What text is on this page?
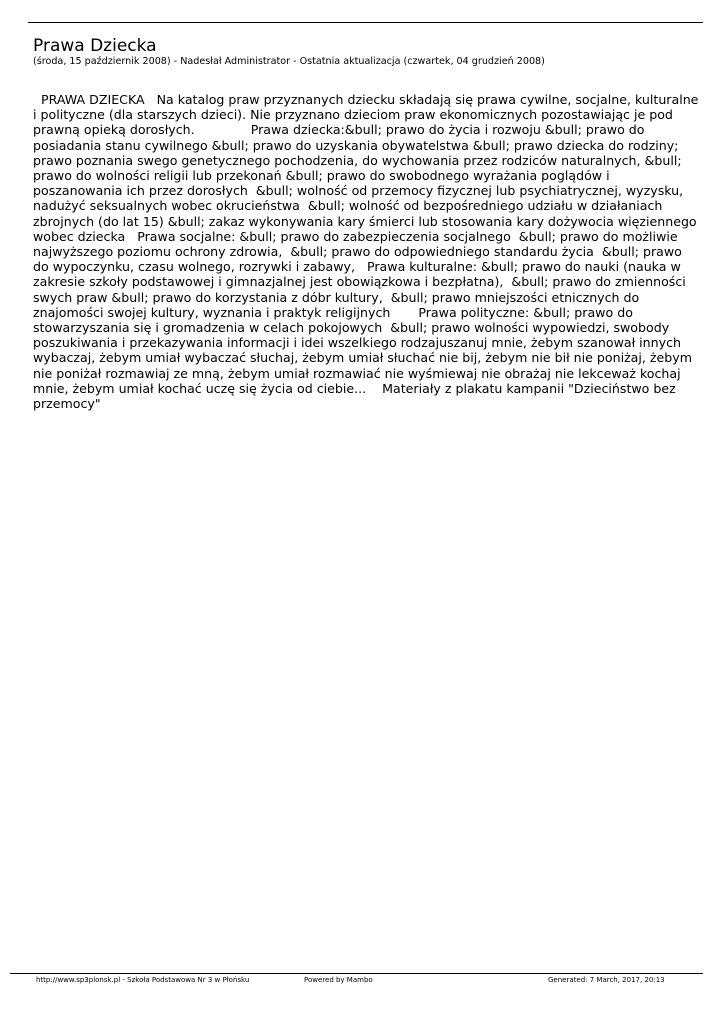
Prawa Dziecka
(środa, 15 październik 2008) - Nadesłał Administrator - Ostatnia aktualizacja (czwartek, 04 grudzień 2008)
PRAWA DZIECKA   Na katalog praw przyznanych dziecku składają się prawa cywilne, socjalne, kulturalne i polityczne (dla starszych dzieci). Nie przyznano dzieciom praw ekonomicznych pozostawiając je pod prawną opieką dorosłych.              Prawa dziecka:&bull; prawo do życia i rozwoju &bull; prawo do posiadania stanu cywilnego &bull; prawo do uzyskania obywatelstwa &bull; prawo dziecka do rodziny; prawo poznania swego genetycznego pochodzenia, do wychowania przez rodziców naturalnych, &bull; prawo do wolności religii lub przekonań &bull; prawo do swobodnego wyrażania poglądów i poszanowania ich przez dorosłych  &bull; wolność od przemocy fizycznej lub psychiatrycznej, wyzysku, nadużyć seksualnych wobec okrucieństwa  &bull; wolność od bezpośredniego udziału w działaniach zbrojnych (do lat 15) &bull; zakaz wykonywania kary śmierci lub stosowania kary dożywocia więziennego wobec dziecka   Prawa socjalne: &bull; prawo do zabezpieczenia socjalnego  &bull; prawo do możliwie najwyższego poziomu ochrony zdrowia,  &bull; prawo do odpowiedniego standardu życia  &bull; prawo do wypoczynku, czasu wolnego, rozrywki i zabawy,   Prawa kulturalne: &bull; prawo do nauki (nauka w zakresie szkoły podstawowej i gimnazjalnej jest obowiązkowa i bezpłatna),  &bull; prawo do zmienności swych praw &bull; prawo do korzystania z dóbr kultury,  &bull; prawo mniejszości etnicznych do znajomości swojej kultury, wyznania i praktyk religijnych       Prawa polityczne: &bull; prawo do stowarzyszania się i gromadzenia w celach pokojowych  &bull; prawo wolności wypowiedzi, swobody poszukiwania i przekazywania informacji i idei wszelkiego rodzajuszanuj mnie, żebym szanował innych wybaczaj, żebym umiał wybaczać słuchaj, żebym umiał słuchać nie bij, żebym nie bił nie poniżaj, żebym nie poniżał rozmawiaj ze mną, żebym umiał rozmawiać nie wyśmiewaj nie obrażaj nie lekceważ kochaj mnie, żebym umiał kochać uczę się życia od ciebie...    Materiały z plakatu kampanii "Dzieciństwo bez przemocy"
http://www.sp3plonsk.pl - Szkoła Podstawowa Nr 3 w Płońsku	Powered by Mambo	Generated: 7 March, 2017, 20:13
